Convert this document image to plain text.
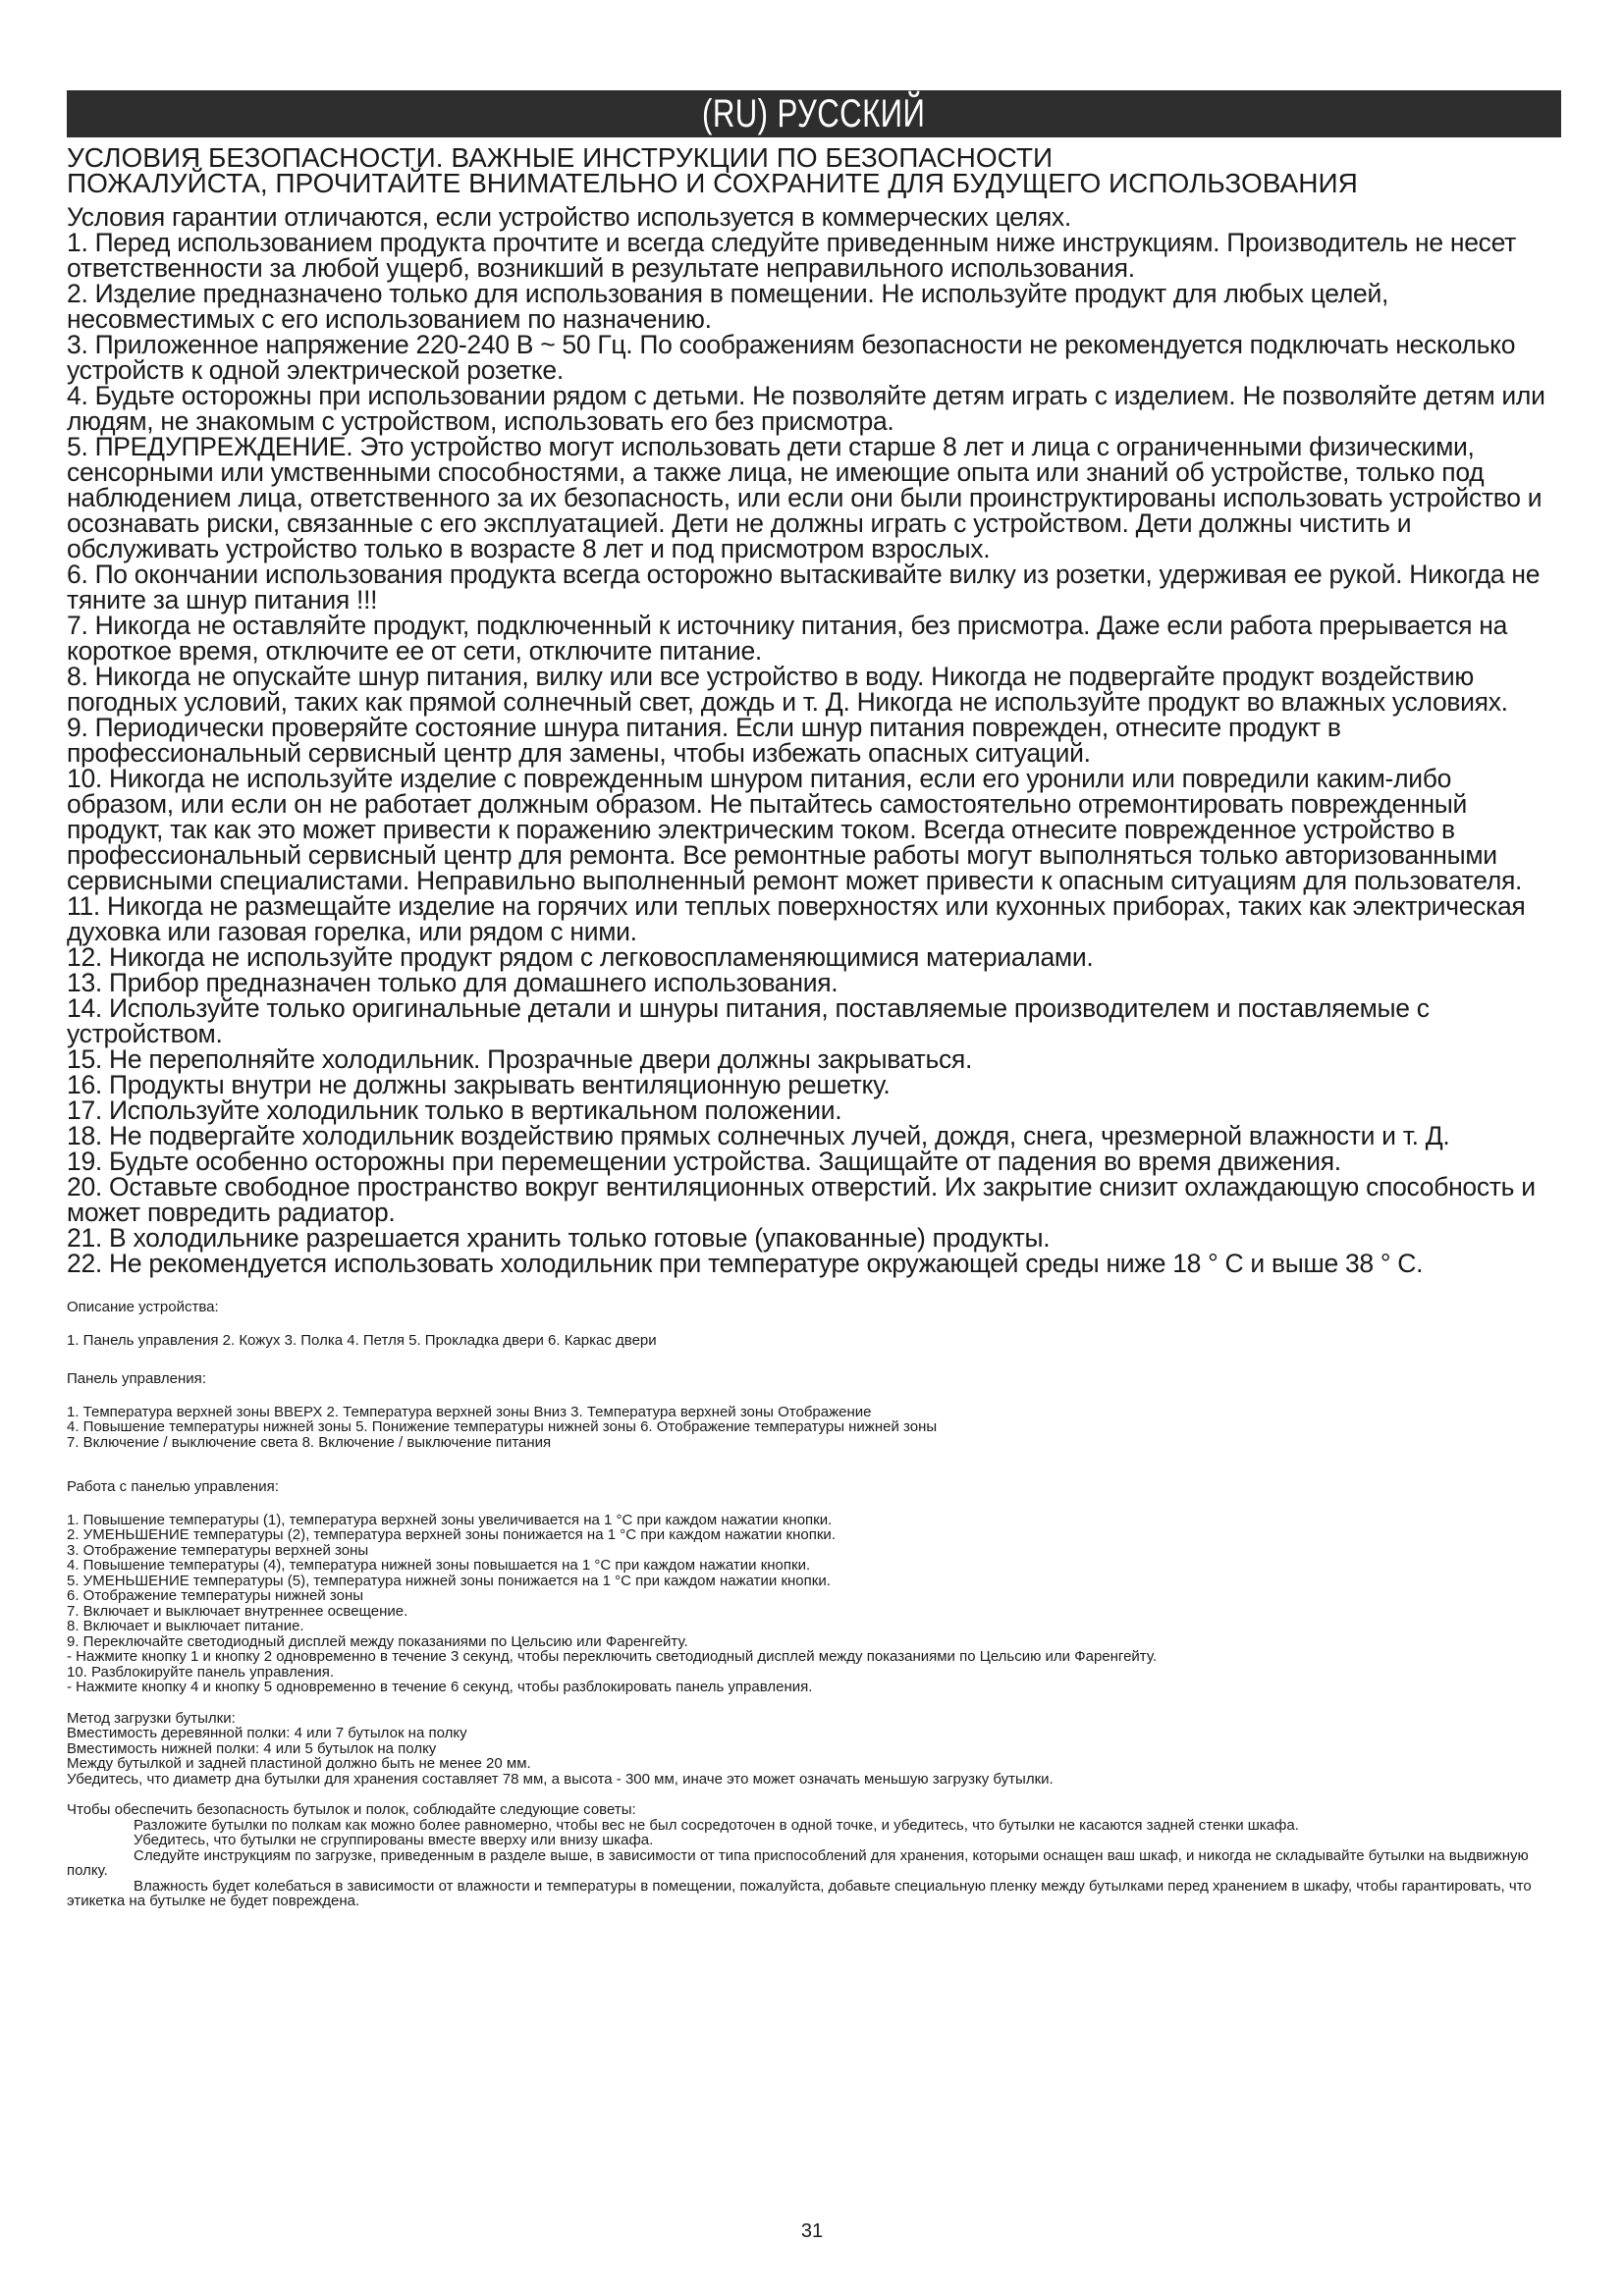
(RU) РУССКИЙ

УСЛОВИЯ БЕЗОПАСНОСТИ. ВАЖНЫЕ ИНСТРУКЦИИ ПО БЕЗОПАСНОСТИ

ПОЖАЛУЙСТА, ПРОЧИТАЙТЕ ВНИМАТЕЛЬНО И СОХРАНИТЕ ДЛЯ БУДУЩЕГО ИСПОЛЬЗОВАНИЯ

Условия гарантии отличаются, если устройство используется в коммерческих целях.

1. Перед использованием продукта прочтите и всегда следуйте приведенным ниже инструкциям. Производитель не несет ответственности за любой ущерб, возникший в результате неправильного использования.

2. Изделие предназначено только для использования в помещении. Не используйте продукт для любых целей, несовместимых с его использованием по назначению.

3. Приложенное напряжение 220-240 В ~ 50 Гц. По соображениям безопасности не рекомендуется подключать несколько устройств к одной электрической розетке.

4. Будьте осторожны при использовании рядом с детьми. Не позволяйте детям играть с изделием. Не позволяйте детям или людям, не знакомым с устройством, использовать его без присмотра.

5. ПРЕДУПРЕЖДЕНИЕ. Это устройство могут использовать дети старше 8 лет и лица с ограниченными физическими, сенсорными или умственными способностями, а также лица, не имеющие опыта или знаний об устройстве, только под наблюдением лица, ответственного за их безопасность, или если они были проинструктированы использовать устройство и осознавать риски, связанные с его эксплуатацией. Дети не должны играть с устройством. Дети должны чистить и обслуживать устройство только в возрасте 8 лет и под присмотром взрослых.

6. По окончании использования продукта всегда осторожно вытаскивайте вилку из розетки, удерживая ее рукой. Никогда не тяните за шнур питания !!!

7. Никогда не оставляйте продукт, подключенный к источнику питания, без присмотра. Даже если работа прерывается на короткое время, отключите ее от сети, отключите питание.

8. Никогда не опускайте шнур питания, вилку или все устройство в воду. Никогда не подвергайте продукт воздействию погодных условий, таких как прямой солнечный свет, дождь и т. Д. Никогда не используйте продукт во влажных условиях.

9. Периодически проверяйте состояние шнура питания. Если шнур питания поврежден, отнесите продукт в профессиональный сервисный центр для замены, чтобы избежать опасных ситуаций.

10. Никогда не используйте изделие с поврежденным шнуром питания, если его уронили или повредили каким-либо образом, или если он не работает должным образом. Не пытайтесь самостоятельно отремонтировать поврежденный продукт, так как это может привести к поражению электрическим током. Всегда отнесите поврежденное устройство в профессиональный сервисный центр для ремонта. Все ремонтные работы могут выполняться только авторизованными сервисными специалистами. Неправильно выполненный ремонт может привести к опасным ситуациям для пользователя.

11. Никогда не размещайте изделие на горячих или теплых поверхностях или кухонных приборах, таких как электрическая духовка или газовая горелка, или рядом с ними.

12. Никогда не используйте продукт рядом с легковоспламеняющимися материалами.

13. Прибор предназначен только для домашнего использования.

14. Используйте только оригинальные детали и шнуры питания, поставляемые производителем и поставляемые с устройством.

15. Не переполняйте холодильник. Прозрачные двери должны закрываться.

16. Продукты внутри не должны закрывать вентиляционную решетку.

17. Используйте холодильник только в вертикальном положении.

18. Не подвергайте холодильник воздействию прямых солнечных лучей, дождя, снега, чрезмерной влажности и т. Д.

19. Будьте особенно осторожны при перемещении устройства. Защищайте от падения во время движения.

20. Оставьте свободное пространство вокруг вентиляционных отверстий. Их закрытие снизит охлаждающую способность и может повредить радиатор.

21. В холодильнике разрешается хранить только готовые (упакованные) продукты.

22. Не рекомендуется использовать холодильник при температуре окружающей среды ниже 18 ° C и выше 38 ° C.

Описание устройства:

1. Панель управления 2. Кожух 3. Полка 4. Петля 5. Прокладка двери 6. Каркас двери

Панель управления:

1. Температура верхней зоны ВВЕРХ 2. Температура верхней зоны Вниз 3. Температура верхней зоны Отображение

4. Повышение температуры нижней зоны 5. Понижение температуры нижней зоны 6. Отображение температуры нижней зоны

7. Включение / выключение света 8. Включение / выключение питания

Работа с панелью управления:

1. Повышение температуры (1), температура верхней зоны увеличивается на 1 °C при каждом нажатии кнопки.

2. УМЕНЬШЕНИЕ температуры (2), температура верхней зоны понижается на 1 °C при каждом нажатии кнопки.

3. Отображение температуры верхней зоны

4. Повышение температуры (4), температура нижней зоны повышается на 1 °C при каждом нажатии кнопки.

5. УМЕНЬШЕНИЕ температуры (5), температура нижней зоны понижается на 1 °C при каждом нажатии кнопки.

6. Отображение температуры нижней зоны

7. Включает и выключает внутреннее освещение.

8. Включает и выключает питание.

9. Переключайте светодиодный дисплей между показаниями по Цельсию или Фаренгейту.

- Нажмите кнопку 1 и кнопку 2 одновременно в течение 3 секунд, чтобы переключить светодиодный дисплей между показаниями по Цельсию или Фаренгейту.

10. Разблокируйте панель управления.

- Нажмите кнопку 4 и кнопку 5 одновременно в течение 6 секунд, чтобы разблокировать панель управления.

Метод загрузки бутылки:

Вместимость деревянной полки: 4 или 7 бутылок на полку

Вместимость нижней полки: 4 или 5 бутылок на полку

Между бутылкой и задней пластиной должно быть не менее 20 мм.

Убедитесь, что диаметр дна бутылки для хранения составляет 78 мм, а высота - 300 мм, иначе это может означать меньшую загрузку бутылки.

Чтобы обеспечить безопасность бутылок и полок, соблюдайте следующие советы:

Разложите бутылки по полкам как можно более равномерно, чтобы вес не был сосредоточен в одной точке, и убедитесь, что бутылки не касаются задней стенки шкафа.

Убедитесь, что бутылки не сгруппированы вместе вверху или внизу шкафа.

Следуйте инструкциям по загрузке, приведенным в разделе выше, в зависимости от типа приспособлений для хранения, которыми оснащен ваш шкаф, и никогда не складывайте бутылки на выдвижную полку.

Влажность будет колебаться в зависимости от влажности и температуры в помещении, пожалуйста, добавьте специальную пленку между бутылками перед хранением в шкафу, чтобы гарантировать, что этикетка на бутылке не будет повреждена.

31
